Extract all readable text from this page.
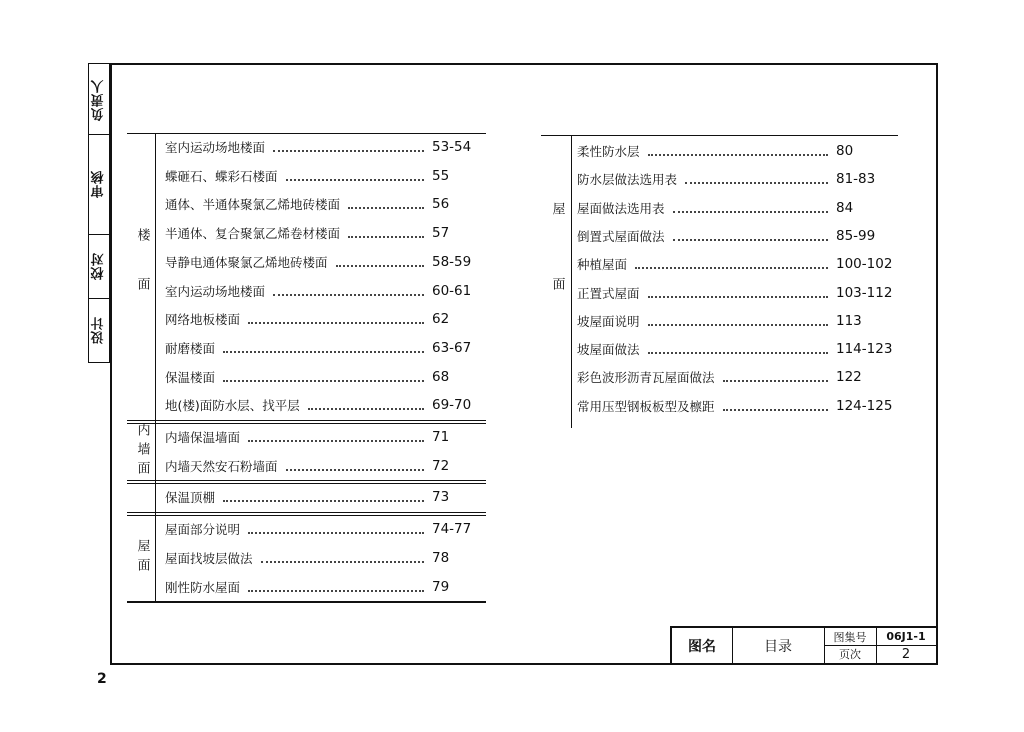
设计
校对
审核
负责人
2
室内运动场地楼面	53-54
蝶砸石、蝶彩石楼面	55
通体、半通体聚氯乙烯地砖楼面	56
半通体、复合聚氯乙烯卷材楼面	57
导静电通体聚氯乙烯地砖楼面	58-59
室内运动场地楼面	60-61
网络地板楼面	62
耐磨楼面	63-67
保温楼面	68
地(楼)面防水层、找平层	69-70
楼面
内墙保温墙面	71
内墙天然安石粉墙面	72
内墙面
保温顶棚	73
屋面部分说明	74-77
屋面找坡层做法	78
刚性防水屋面	79
屋面
屋面
柔性防水层	80
防水层做法选用表	81-83
屋面做法选用表	84
倒置式屋面做法	85-99
种植屋面	100-102
正置式屋面	103-112
坡屋面说明	113
坡屋面做法	114-123
彩色波形沥青瓦屋面做法	122
常用压型钢板板型及檩距	124-125
图名	目录
图集号	06J1-1
页次	2
